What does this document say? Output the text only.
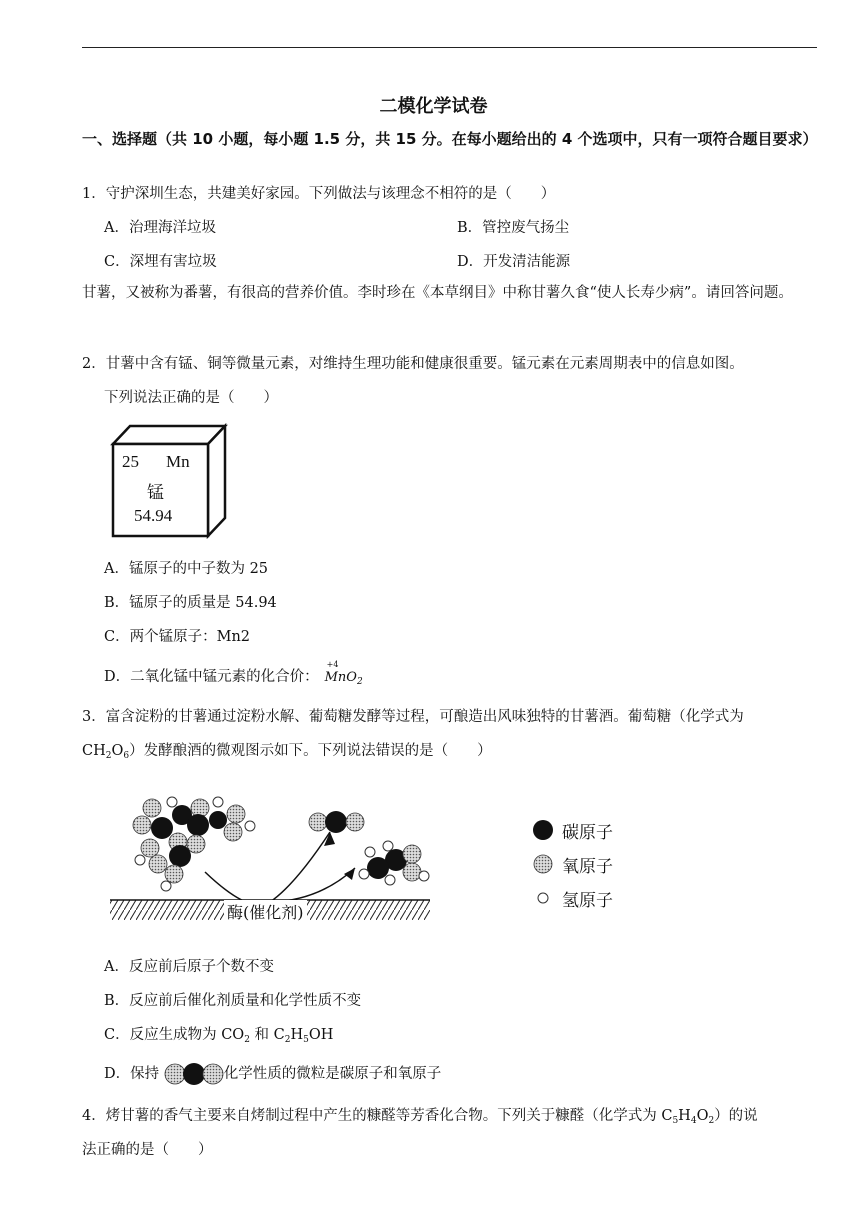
二模化学试卷
一、选择题（共 10 小题，每小题 1.5 分，共 15 分。在每小题给出的 4 个选项中，只有一项符合题目要求）
1．守护深圳生态，共建美好家园。下列做法与该理念不相符的是（　　）
A．治理海洋垃圾	B．管控废气扬尘
C．深埋有害垃圾	D．开发清洁能源
甘薯，又被称为番薯，有很高的营养价值。李时珍在《本草纲目》中称甘薯久食“使人长寿少病”。请回答问题。
2．甘薯中含有锰、铜等微量元素，对维持生理功能和健康很重要。锰元素在元素周期表中的信息如图。
下列说法正确的是（　　）
25 Mn
锰
54.94
A．锰原子的中子数为 25
B．锰原子的质量是 54.94
C．两个锰原子：Mn2
D．二氧化锰中锰元素的化合价：
+4
MnO$_2$
3．富含淀粉的甘薯通过淀粉水解、葡萄糖发酵等过程，可酿造出风味独特的甘薯酒。葡萄糖（化学式为
$CH_2O_6$）发酵酿酒的微观图示如下。下列说法错误的是（　　）
酶(催化剂)
碳原子
氧原子
氢原子
A．反应前后原子个数不变
B．反应前后催化剂质量和化学性质不变
C．反应生成物为 $CO_2$ 和 $C_2H_5OH$
D．保持	化学性质的微粒是碳原子和氧原子
4．烤甘薯的香气主要来自烤制过程中产生的糠醛等芳香化合物。下列关于糠醛（化学式为 $C_5H_4O_2$）的说
法正确的是（　　）
